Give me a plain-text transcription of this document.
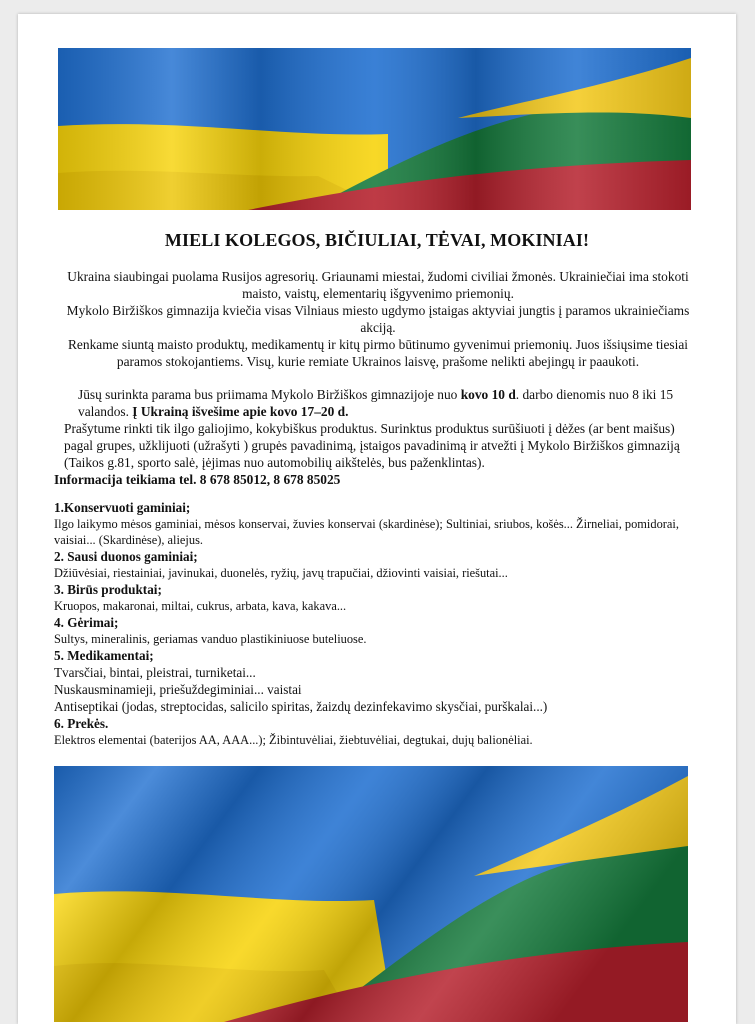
MIELI KOLEGOS, BIČIULIAI, TĖVAI, MOKINIAI!

Ukraina siaubingai puolama Rusijos agresorių. Griaunami miestai, žudomi civiliai žmonės. Ukrainiečiai ima stokoti maisto, vaistų, elementarių išgyvenimo priemonių.

Mykolo Biržiškos gimnazija kviečia visas Vilniaus miesto ugdymo įstaigas aktyviai jungtis į paramos ukrainiečiams akciją.

Renkame siuntą maisto produktų, medikamentų ir kitų pirmo būtinumo gyvenimui priemonių. Juos išsiųsime tiesiai paramos stokojantiems. Visų, kurie remiate Ukrainos laisvę, prašome nelikti abejingų ir paaukoti.

Jūsų surinkta parama bus priimama Mykolo Biržiškos gimnazijoje nuo kovo 10 d. darbo dienomis nuo 8 iki 15 valandos. Į Ukrainą išvešime apie kovo 17–20 d.

Prašytume rinkti tik ilgo galiojimo, kokybiškus produktus. Surinktus produktus surūšiuoti į dėžes (ar bent maišus) pagal grupes, užklijuoti (užrašyti ) grupės pavadinimą, įstaigos pavadinimą ir atvežti į Mykolo Biržiškos gimnaziją (Taikos g.81, sporto salė, įėjimas nuo automobilių aikštelės, bus paženklintas).

Informacija teikiama tel. 8 678 85012, 8 678 85025

1.Konservuoti gaminiai;

Ilgo laikymo mėsos gaminiai, mėsos konservai, žuvies konservai (skardinėse); Sultiniai, sriubos, košės... Žirneliai, pomidorai, vaisiai... (Skardinėse), aliejus.

2. Sausi duonos gaminiai;

Džiūvėsiai, riestainiai, javinukai, duonelės, ryžių, javų trapučiai, džiovinti vaisiai, riešutai...

3. Birūs produktai;

Kruopos, makaronai, miltai, cukrus, arbata, kava, kakava...

4. Gėrimai;

Sultys, mineralinis, geriamas vanduo plastikiniuose buteliuose.

5. Medikamentai;

Tvarsčiai, bintai, pleistrai, turniketai...

Nuskausminamieji, priešuždegiminiai... vaistai

Antiseptikai (jodas, streptocidas, salicilo spiritas, žaizdų dezinfekavimo skysčiai, purškalai...)

6. Prekės.

Elektros elementai (baterijos AA, AAA...); Žibintuvėliai, žiebtuvėliai, degtukai, dujų balionėliai.
